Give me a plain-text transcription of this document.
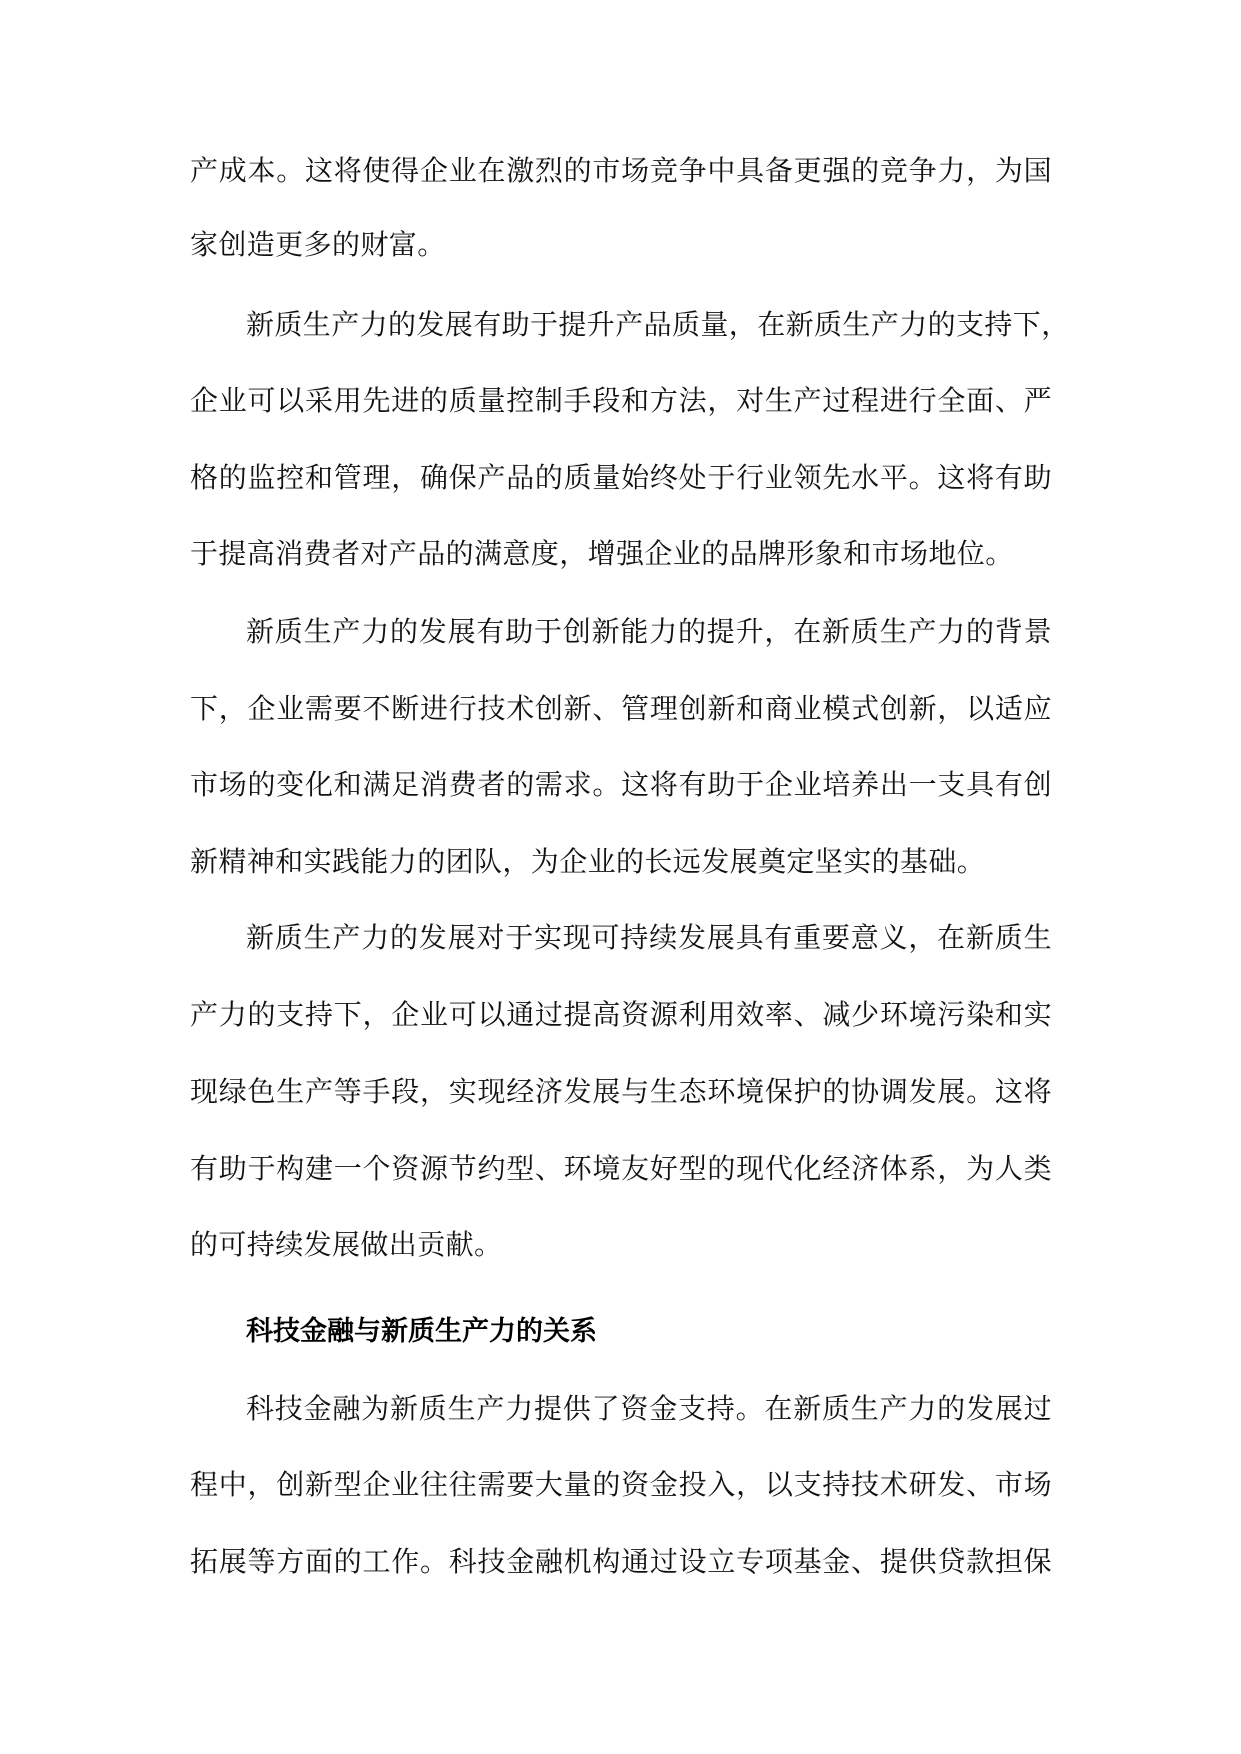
产成本。这将使得企业在激烈的市场竞争中具备更强的竞争力，为国
家创造更多的财富。
新质生产力的发展有助于提升产品质量，在新质生产力的支持下，
企业可以采用先进的质量控制手段和方法，对生产过程进行全面、严
格的监控和管理，确保产品的质量始终处于行业领先水平。这将有助
于提高消费者对产品的满意度，增强企业的品牌形象和市场地位。
新质生产力的发展有助于创新能力的提升，在新质生产力的背景
下，企业需要不断进行技术创新、管理创新和商业模式创新，以适应
市场的变化和满足消费者的需求。这将有助于企业培养出一支具有创
新精神和实践能力的团队，为企业的长远发展奠定坚实的基础。
新质生产力的发展对于实现可持续发展具有重要意义，在新质生
产力的支持下，企业可以通过提高资源利用效率、减少环境污染和实
现绿色生产等手段，实现经济发展与生态环境保护的协调发展。这将
有助于构建一个资源节约型、环境友好型的现代化经济体系，为人类
的可持续发展做出贡献。
科技金融与新质生产力的关系
科技金融为新质生产力提供了资金支持。在新质生产力的发展过
程中，创新型企业往往需要大量的资金投入，以支持技术研发、市场
拓展等方面的工作。科技金融机构通过设立专项基金、提供贷款担保
